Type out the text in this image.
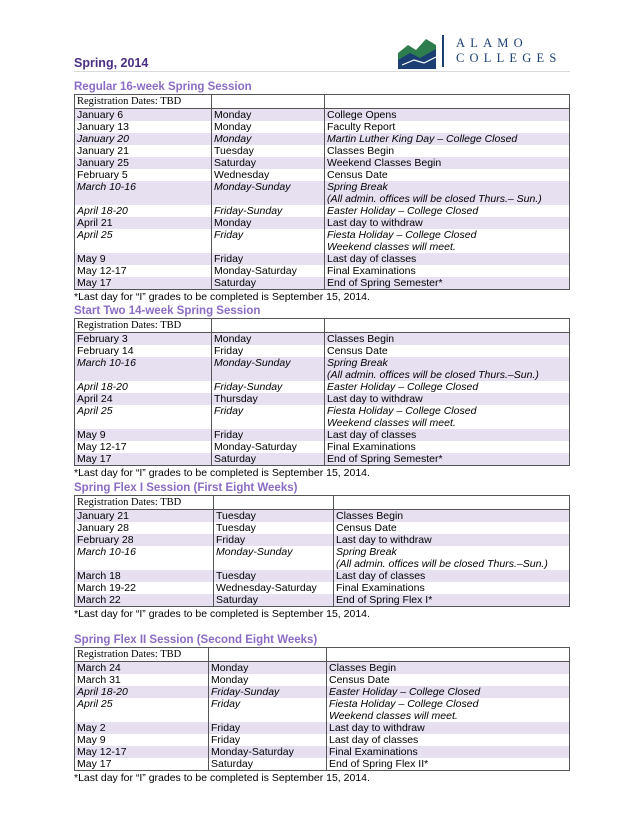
Spring, 2014
ALAMO
COLLEGES
Regular 16-week Spring Session
Registration Dates: TBD		
January 6	Monday	College Opens
January 13	Monday	Faculty Report
January 20	Monday	Martin Luther King Day – College Closed
January 21	Tuesday	Classes Begin
January 25	Saturday	Weekend Classes Begin
February 5	Wednesday	Census Date
March 10-16	Monday-Sunday	Spring Break
(All admin. offices will be closed Thurs.– Sun.)

April 18-20	Friday-Sunday	Easter Holiday – College Closed
April 21	Monday	Last day to withdraw
April 25	Friday	Fiesta Holiday – College Closed
Weekend classes will meet.

May 9	Friday	Last day of classes
May 12-17	Monday-Saturday	Final Examinations
May 17	Saturday	End of Spring Semester*
*Last day for “I” grades to be completed is September 15, 2014.
Start Two 14-week Spring Session
Registration Dates: TBD		
February 3	Monday	Classes Begin
February 14	Friday	Census Date
March 10-16	Monday-Sunday	Spring Break
(All admin. offices will be closed Thurs.–Sun.)

April 18-20	Friday-Sunday	Easter Holiday – College Closed
April 24	Thursday	Last day to withdraw
April 25	Friday	Fiesta Holiday – College Closed
Weekend classes will meet.

May 9	Friday	Last day of classes
May 12-17	Monday-Saturday	Final Examinations
May 17	Saturday	End of Spring Semester*
*Last day for “I” grades to be completed is September 15, 2014.
Spring Flex I Session (First Eight Weeks)
Registration Dates: TBD		
January 21	Tuesday	Classes Begin
January 28	Tuesday	Census Date
February 28	Friday	Last day to withdraw
March 10-16	Monday-Sunday	Spring Break
(All admin. offices will be closed Thurs.–Sun.)

March 18	Tuesday	Last day of classes
March 19-22	Wednesday-Saturday	Final Examinations
March 22	Saturday	End of Spring Flex I*
*Last day for “I” grades to be completed is September 15, 2014.
Spring Flex II Session (Second Eight Weeks)
Registration Dates: TBD		
March 24	Monday	Classes Begin
March 31	Monday	Census Date
April 18-20	Friday-Sunday	Easter Holiday – College Closed
April 25	Friday	Fiesta Holiday – College Closed
Weekend classes will meet.

May 2	Friday	Last day to withdraw
May 9	Friday	Last day of classes
May 12-17	Monday-Saturday	Final Examinations
May 17	Saturday	End of Spring Flex II*
*Last day for “I” grades to be completed is September 15, 2014.
